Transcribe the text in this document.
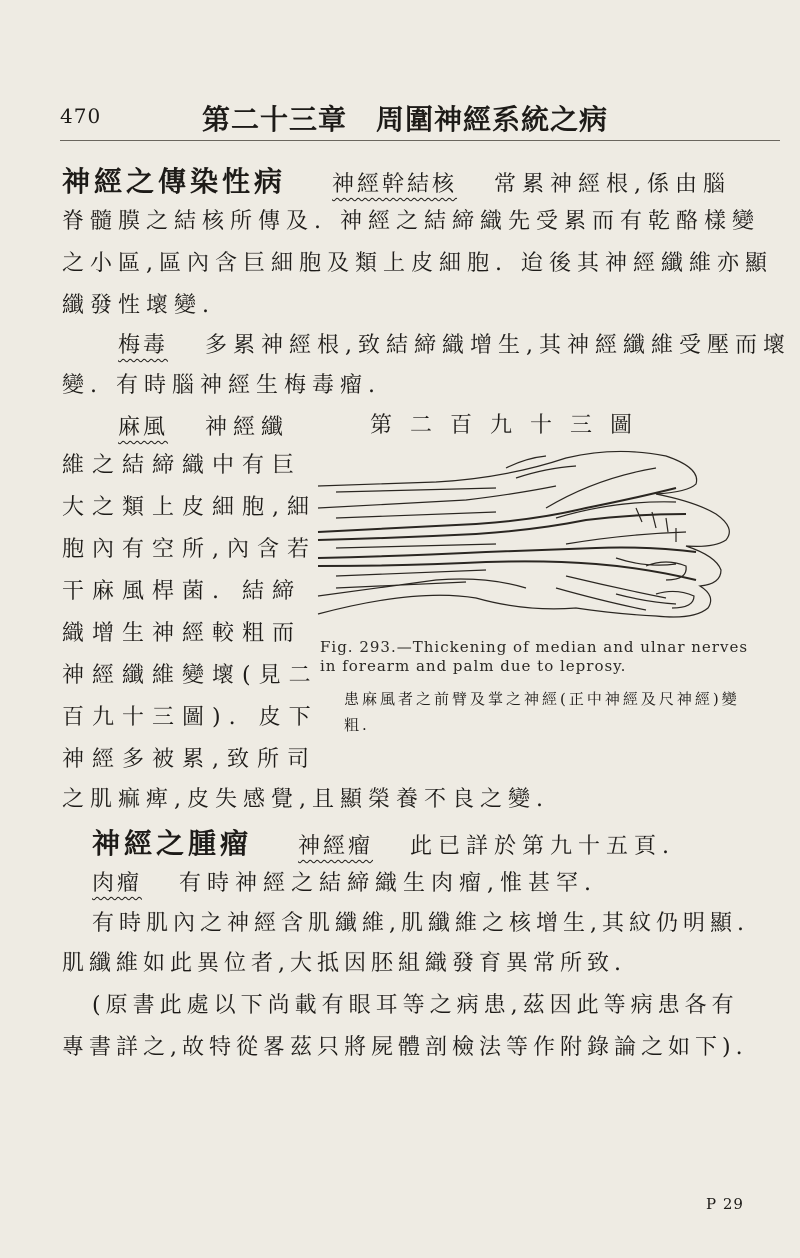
470	第二十三章　周圍神經系統之病
神經之傳染性病 神經幹結核 常累神經根,係由腦
脊髓膜之結核所傳及. 神經之結締織先受累而有乾酪樣變
之小區,區內含巨細胞及類上皮細胞. 迨後其神經纖維亦顯
纖發性壞變.
梅毒 多累神經根,致結締織增生,其神經纖維受壓而壞
變. 有時腦神經生梅毒瘤.
麻風 神經纖
維之結締織中有巨
大之類上皮細胞,細
胞內有空所,內含若
干麻風桿菌. 結締
織增生神經較粗而
神經纖維變壞(見二
百九十三圖). 皮下
神經多被累,致所司
之肌痲痺,皮失感覺,且顯榮養不良之變.
第二百九十三圖
Fig. 293.—Thickening of median and ulnar nerves in forearm and palm due to leprosy.
患麻風者之前臂及掌之神經(正中神經及尺神經)變粗.
神經之腫瘤 神經瘤 此已詳於第九十五頁.
肉瘤 有時神經之結締織生肉瘤,惟甚罕.
有時肌內之神經含肌纖維,肌纖維之核增生,其紋仍明顯.
肌纖維如此異位者,大抵因胚組織發育異常所致.
(原書此處以下尚載有眼耳等之病患,茲因此等病患各有
專書詳之,故特從畧茲只將屍體剖檢法等作附錄論之如下).
P 29
